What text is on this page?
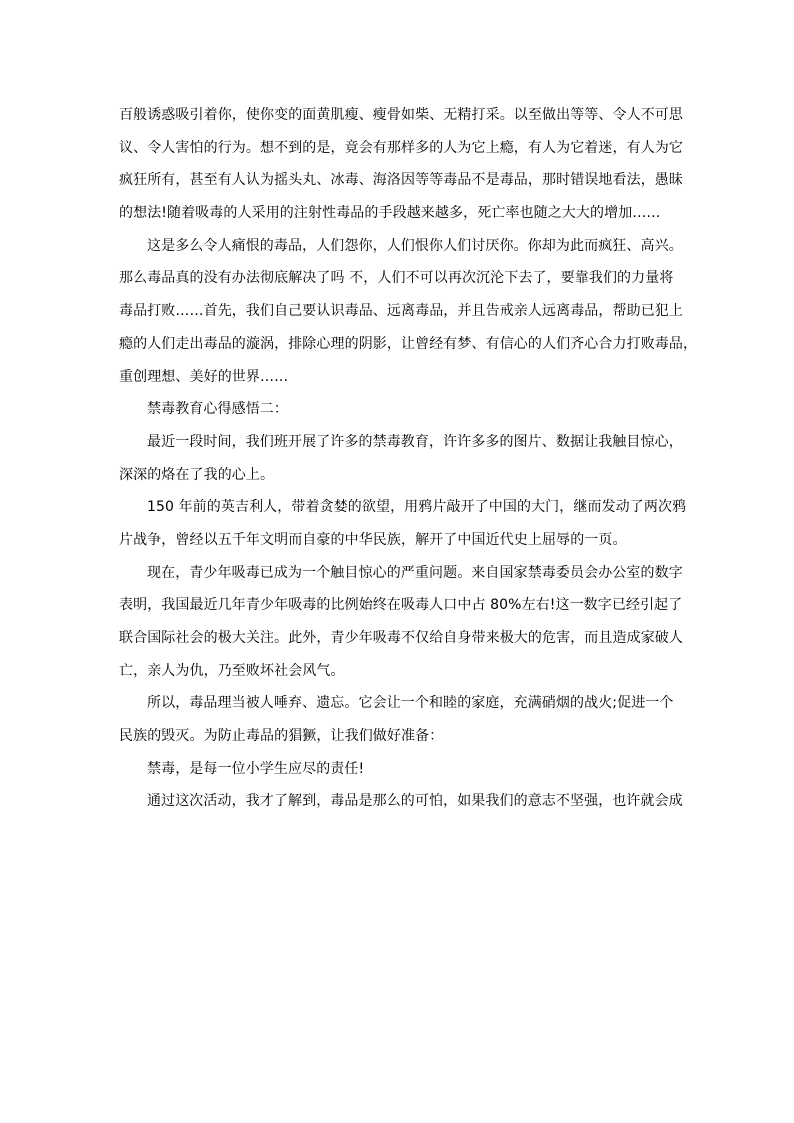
百般诱惑吸引着你，使你变的面黄肌瘦、瘦骨如柴、无精打采。以至做出等等、令人不可思
议、令人害怕的行为。想不到的是，竟会有那样多的人为它上瘾，有人为它着迷，有人为它
疯狂所有，甚至有人认为摇头丸、冰毒、海洛因等等毒品不是毒品，那时错误地看法，愚昧
的想法!随着吸毒的人采用的注射性毒品的手段越来越多，死亡率也随之大大的增加……
这是多么令人痛恨的毒品，人们怨你，人们恨你人们讨厌你。你却为此而疯狂、高兴。
那么毒品真的没有办法彻底解决了吗 不，人们不可以再次沉沦下去了，要靠我们的力量将
毒品打败……首先，我们自己要认识毒品、远离毒品，并且告戒亲人远离毒品，帮助已犯上
瘾的人们走出毒品的漩涡，排除心理的阴影，让曾经有梦、有信心的人们齐心合力打败毒品，
重创理想、美好的世界……
禁毒教育心得感悟二：
最近一段时间，我们班开展了许多的禁毒教育，许许多多的图片、数据让我触目惊心，
深深的烙在了我的心上。
150 年前的英吉利人，带着贪婪的欲望，用鸦片敲开了中国的大门，继而发动了两次鸦
片战争，曾经以五千年文明而自豪的中华民族，解开了中国近代史上屈辱的一页。
现在，青少年吸毒已成为一个触目惊心的严重问题。来自国家禁毒委员会办公室的数字
表明，我国最近几年青少年吸毒的比例始终在吸毒人口中占 80%左右!这一数字已经引起了
联合国际社会的极大关注。此外，青少年吸毒不仅给自身带来极大的危害，而且造成家破人
亡，亲人为仇，乃至败坏社会风气。
所以，毒品理当被人唾弃、遗忘。它会让一个和睦的家庭，充满硝烟的战火;促进一个
民族的毁灭。为防止毒品的猖獗，让我们做好准备：
禁毒，是每一位小学生应尽的责任!
通过这次活动，我才了解到，毒品是那么的可怕，如果我们的意志不坚强，也许就会成
